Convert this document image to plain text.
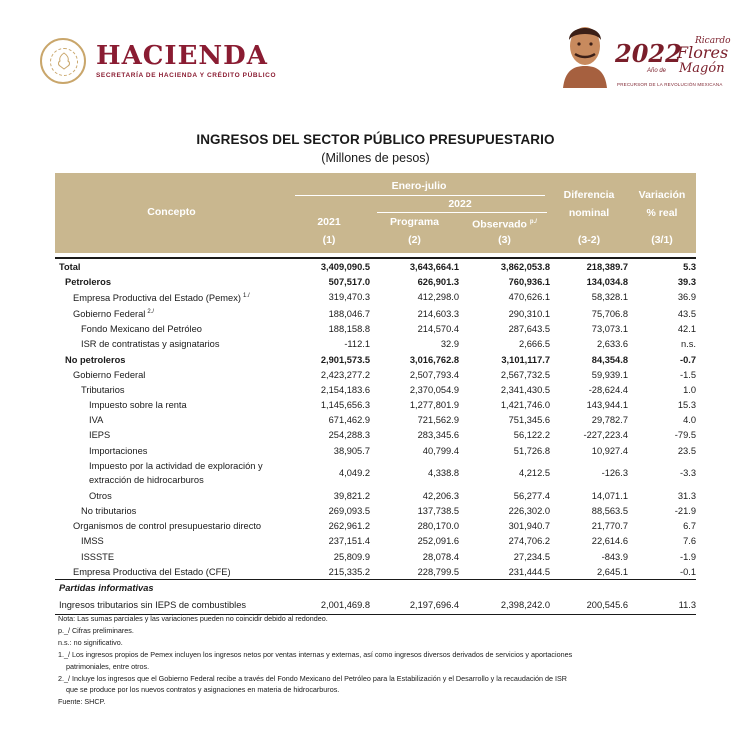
HACIENDA
SECRETARÍA DE HACIENDA Y CRÉDITO PÚBLICO
2022
Año de
Ricardo
Flores
Magón
PRECURSOR DE LA REVOLUCIÓN MEXICANA
INGRESOS DEL SECTOR PÚBLICO PRESUPUESTARIO
(Millones de pesos)
Concepto
Enero-julio
2022
2021
(1)
Programa
(2)
Observado $^{p./}$
(3)
Diferencia
nominal
(3-2)
Variación
% real
(3/1)
Total	3,409,090.5	3,643,664.1	3,862,053.8	218,389.7	5.3
Petroleros	507,517.0	626,901.3	760,936.1	134,034.8	39.3
Empresa Productiva del Estado (Pemex) $^{1./}$	319,470.3	412,298.0	470,626.1	58,328.1	36.9
Gobierno Federal $^{2./}$	188,046.7	214,603.3	290,310.1	75,706.8	43.5
Fondo Mexicano del Petróleo	188,158.8	214,570.4	287,643.5	73,073.1	42.1
ISR de contratistas y asignatarios	-112.1	32.9	2,666.5	2,633.6	n.s.
No petroleros	2,901,573.5	3,016,762.8	3,101,117.7	84,354.8	-0.7
Gobierno Federal	2,423,277.2	2,507,793.4	2,567,732.5	59,939.1	-1.5
Tributarios	2,154,183.6	2,370,054.9	2,341,430.5	-28,624.4	1.0
Impuesto sobre la renta	1,145,656.3	1,277,801.9	1,421,746.0	143,944.1	15.3
IVA	671,462.9	721,562.9	751,345.6	29,782.7	4.0
IEPS	254,288.3	283,345.6	56,122.2	-227,223.4	-79.5
Importaciones	38,905.7	40,799.4	51,726.8	10,927.4	23.5
Impuesto por la actividad de exploración y extracción de hidrocarburos
4,049.2	4,338.8	4,212.5	-126.3	-3.3
Otros	39,821.2	42,206.3	56,277.4	14,071.1	31.3
No tributarios	269,093.5	137,738.5	226,302.0	88,563.5	-21.9
Organismos de control presupuestario directo	262,961.2	280,170.0	301,940.7	21,770.7	6.7
IMSS	237,151.4	252,091.6	274,706.2	22,614.6	7.6
ISSSTE	25,809.9	28,078.4	27,234.5	-843.9	-1.9
Empresa Productiva del Estado (CFE)	215,335.2	228,799.5	231,444.5	2,645.1	-0.1
Partidas informativas
Ingresos tributarios sin IEPS de combustibles	2,001,469.8	2,197,696.4	2,398,242.0	200,545.6	11.3
Nota: Las sumas parciales y las variaciones pueden no coincidir debido al redondeo.
p._/ Cifras preliminares.
n.s.: no significativo.
1._/ Los ingresos propios de Pemex incluyen los ingresos netos por ventas internas y externas, así como ingresos diversos derivados de servicios y aportaciones
patrimoniales, entre otros.
2._/ Incluye los ingresos que el Gobierno Federal recibe a través del Fondo Mexicano del Petróleo para la Estabilización y el Desarrollo y la recaudación de ISR
que se produce por los nuevos contratos y asignaciones en materia de hidrocarburos.
Fuente: SHCP.
